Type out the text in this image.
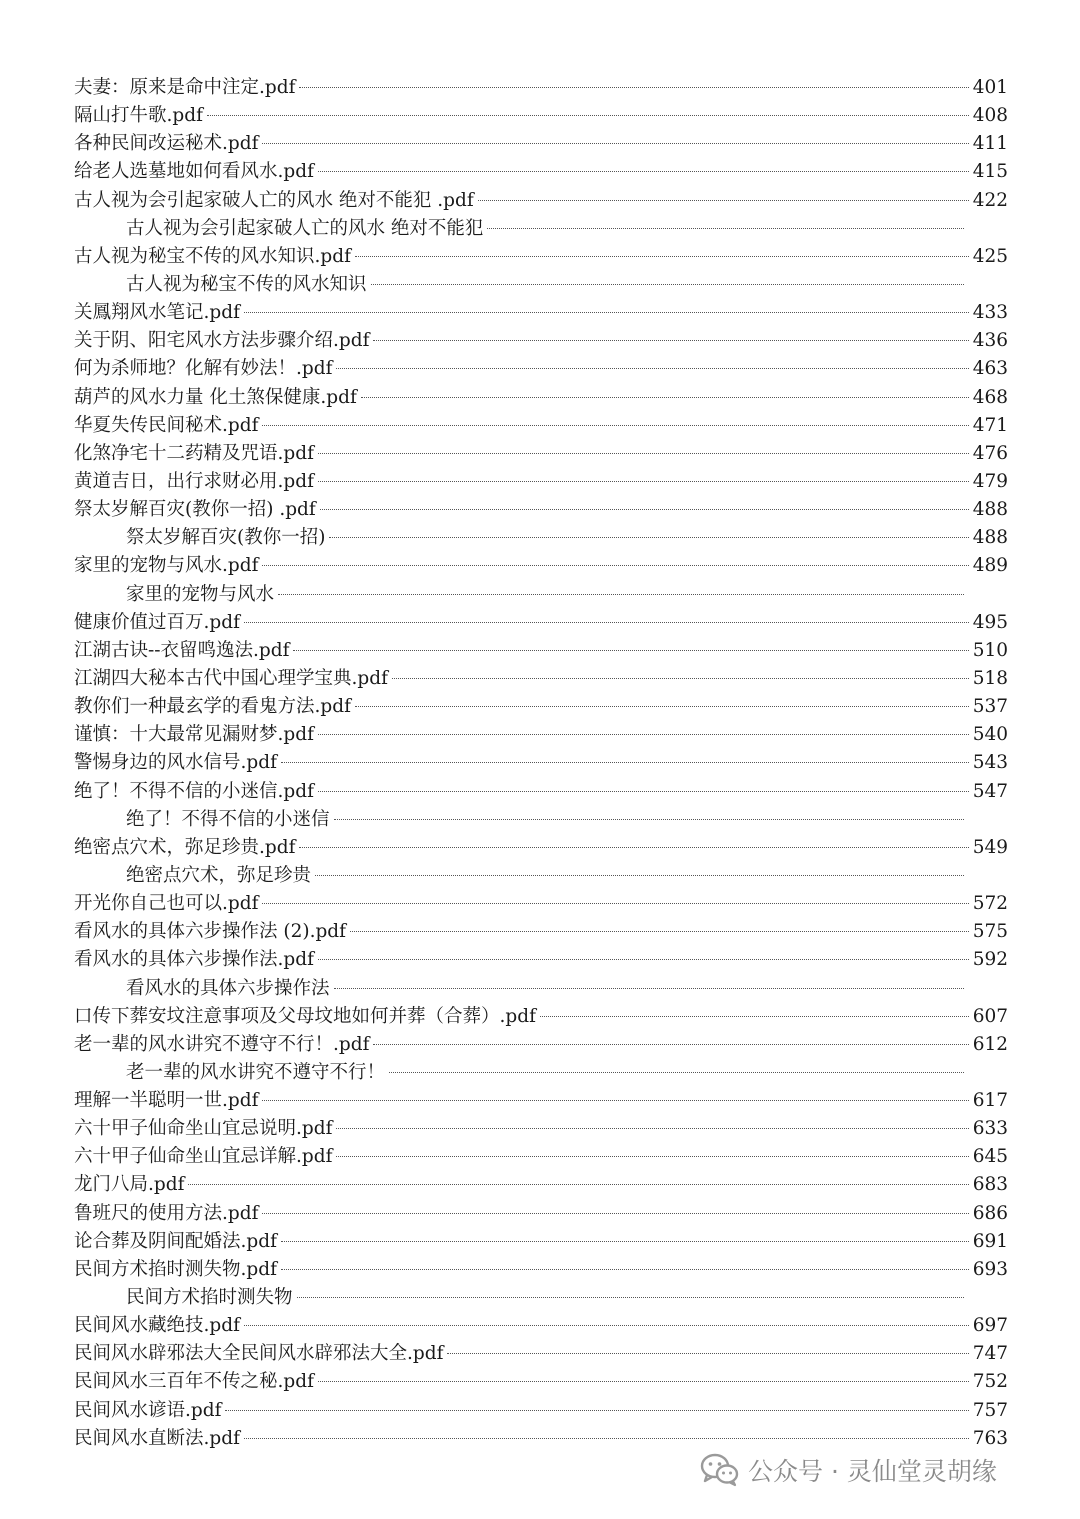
夫妻：原来是命中注定.pdf	401
隔山打牛歌.pdf	408
各种民间改运秘术.pdf	411
给老人选墓地如何看风水.pdf	415
古人视为会引起家破人亡的风水 绝对不能犯 .pdf	422
古人视为会引起家破人亡的风水 绝对不能犯
古人视为秘宝不传的风水知识.pdf	425
古人视为秘宝不传的风水知识
关鳳翔风水笔记.pdf	433
关于阴、阳宅风水方法步骤介绍.pdf	436
何为杀师地？化解有妙法！.pdf	463
葫芦的风水力量 化土煞保健康.pdf	468
华夏失传民间秘术.pdf	471
化煞净宅十二药精及咒语.pdf	476
黄道吉日，出行求财必用.pdf	479
祭太岁解百灾(教你一招) .pdf	488
祭太岁解百灾(教你一招)	488
家里的宠物与风水.pdf	489
家里的宠物与风水
健康价值过百万.pdf	495
江湖古诀--衣留鸣逸法.pdf	510
江湖四大秘本古代中国心理学宝典.pdf	518
教你们一种最玄学的看鬼方法.pdf	537
谨慎：十大最常见漏财梦.pdf	540
警惕身边的风水信号.pdf	543
绝了！不得不信的小迷信.pdf	547
绝了！不得不信的小迷信
绝密点穴术，弥足珍贵.pdf	549
绝密点穴术，弥足珍贵
开光你自己也可以.pdf	572
看风水的具体六步操作法 (2).pdf	575
看风水的具体六步操作法.pdf	592
看风水的具体六步操作法
口传下葬安坟注意事项及父母坟地如何并葬（合葬）.pdf	607
老一辈的风水讲究不遵守不行！.pdf	612
老一辈的风水讲究不遵守不行！
理解一半聪明一世.pdf	617
六十甲子仙命坐山宜忌说明.pdf	633
六十甲子仙命坐山宜忌详解.pdf	645
龙门八局.pdf	683
鲁班尺的使用方法.pdf	686
论合葬及阴间配婚法.pdf	691
民间方术掐时测失物.pdf	693
民间方术掐时测失物
民间风水藏绝技.pdf	697
民间风水辟邪法大全民间风水辟邪法大全.pdf	747
民间风水三百年不传之秘.pdf	752
民间风水谚语.pdf	757
民间风水直断法.pdf	763
公众号 · 灵仙堂灵胡缘
